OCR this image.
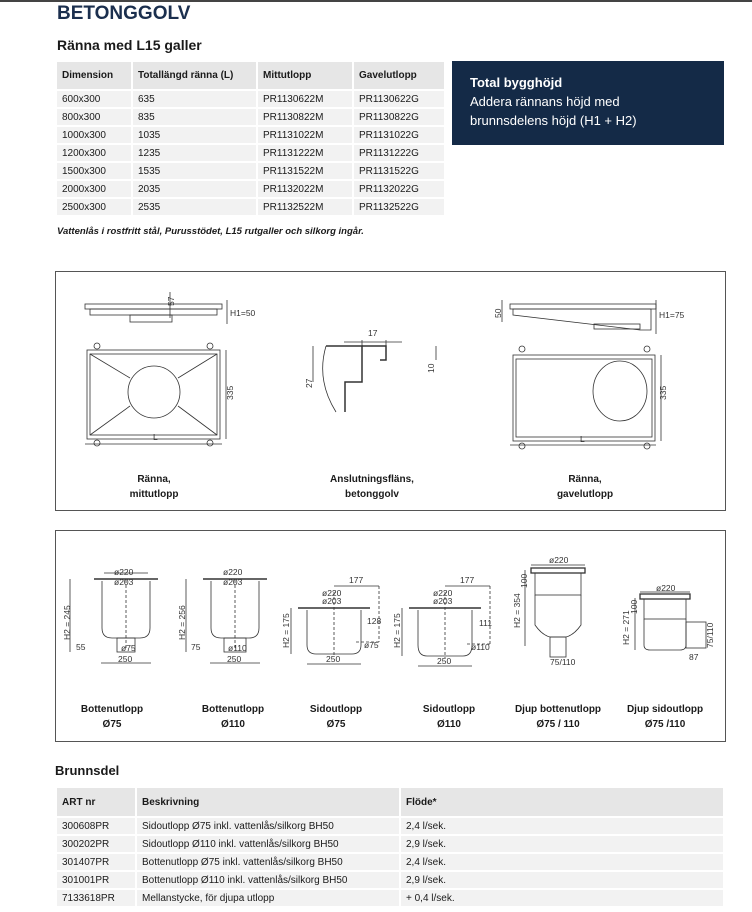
BETONGGOLV
Ränna med L15 galler
Dimension	Totallängd ränna (L)	Mittutlopp	Gavelutlopp
600x300	635	PR1130622M	PR1130622G
800x300	835	PR1130822M	PR1130822G
1000x300	1035	PR1131022M	PR1131022G
1200x300	1235	PR1131222M	PR1131222G
1500x300	1535	PR1131522M	PR1131522G
2000x300	2035	PR1132022M	PR1132022G
2500x300	2535	PR1132522M	PR1132522G
Vattenlås i rostfritt stål, Purusstödet, L15 rutgaller och silkorg ingår.
Total bygghöjd
Addera rännans höjd med
brunnsdelens höjd (H1 + H2)
57
H1=50
335
L
17
27
10
50	H1=75
335
L
ø220
ø203
H2 = 245
55	ø75
250
ø220
ø203
H2 = 256
75	ø110
250
177
ø220
ø203
H2 = 175	128
ø75
250
177
ø220
ø203
H2 = 175	111
ø110
250
ø220
100
H2 = 354
75/110
ø220
100
H2 = 271	75/110
87
Ränna,
mittutlopp
Anslutningsfläns,
betonggolv
Ränna,
gavelutlopp
Bottenutlopp
Ø75
Bottenutlopp
Ø110
Sidoutlopp
Ø75
Sidoutlopp
Ø110
Djup bottenutlopp
Ø75 / 110
Djup sidoutlopp
Ø75 /110
Brunnsdel
ART nr	Beskrivning	Flöde*
300608PR	Sidoutlopp Ø75 inkl. vattenlås/silkorg BH50	2,4 l/sek.
300202PR	Sidoutlopp Ø110 inkl. vattenlås/silkorg BH50	2,9 l/sek.
301407PR	Bottenutlopp Ø75 inkl. vattenlås/silkorg BH50	2,4 l/sek.
301001PR	Bottenutlopp Ø110 inkl. vattenlås/silkorg BH50	2,9 l/sek.
7133618PR	Mellanstycke, för djupa utlopp	+ 0,4 l/sek.
